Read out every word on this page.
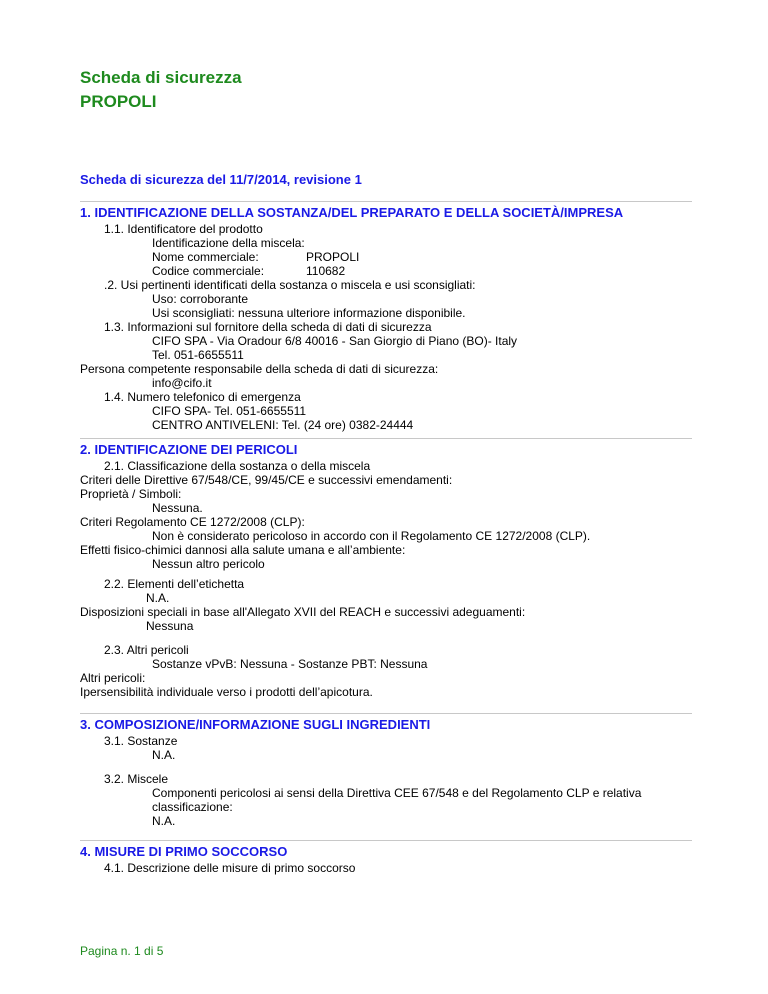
Scheda di sicurezza
PROPOLI
Scheda di sicurezza del 11/7/2014, revisione 1
1. IDENTIFICAZIONE DELLA SOSTANZA/DEL PREPARATO E DELLA SOCIETÀ/IMPRESA
1.1. Identificatore del prodotto
Identificazione della miscela:
Nome commerciale:	PROPOLI
Codice commerciale:	110682
.2. Usi pertinenti identificati della sostanza o miscela e usi sconsigliati:
Uso: corroborante
Usi sconsigliati: nessuna ulteriore informazione disponibile.
1.3. Informazioni sul fornitore della scheda di dati di sicurezza
CIFO SPA - Via Oradour 6/8 40016 - San Giorgio di Piano (BO)- Italy
Tel. 051-6655511
Persona competente responsabile della scheda di dati di sicurezza:
info@cifo.it
1.4. Numero telefonico di emergenza
CIFO SPA- Tel. 051-6655511
CENTRO ANTIVELENI: Tel. (24 ore) 0382-24444
2. IDENTIFICAZIONE DEI PERICOLI
2.1. Classificazione della sostanza o della miscela
Criteri delle Direttive 67/548/CE, 99/45/CE e successivi emendamenti:
Proprietà / Simboli:
Nessuna.
Criteri Regolamento CE 1272/2008 (CLP):
Non è considerato pericoloso in accordo con il Regolamento CE 1272/2008 (CLP).
Effetti fisico-chimici dannosi alla salute umana e all’ambiente:
Nessun altro pericolo
2.2. Elementi dell’etichetta
N.A.
Disposizioni speciali in base all'Allegato XVII del REACH e successivi adeguamenti:
Nessuna
2.3. Altri pericoli
Sostanze vPvB: Nessuna - Sostanze PBT: Nessuna
Altri pericoli:
Ipersensibilità individuale verso i prodotti dell’apicotura.
3. COMPOSIZIONE/INFORMAZIONE SUGLI INGREDIENTI
3.1. Sostanze
N.A.
3.2. Miscele
Componenti pericolosi ai sensi della Direttiva CEE 67/548 e del Regolamento CLP e relativa
classificazione:
N.A.
4. MISURE DI PRIMO SOCCORSO
4.1. Descrizione delle misure di primo soccorso
Pagina n. 1 di 5
